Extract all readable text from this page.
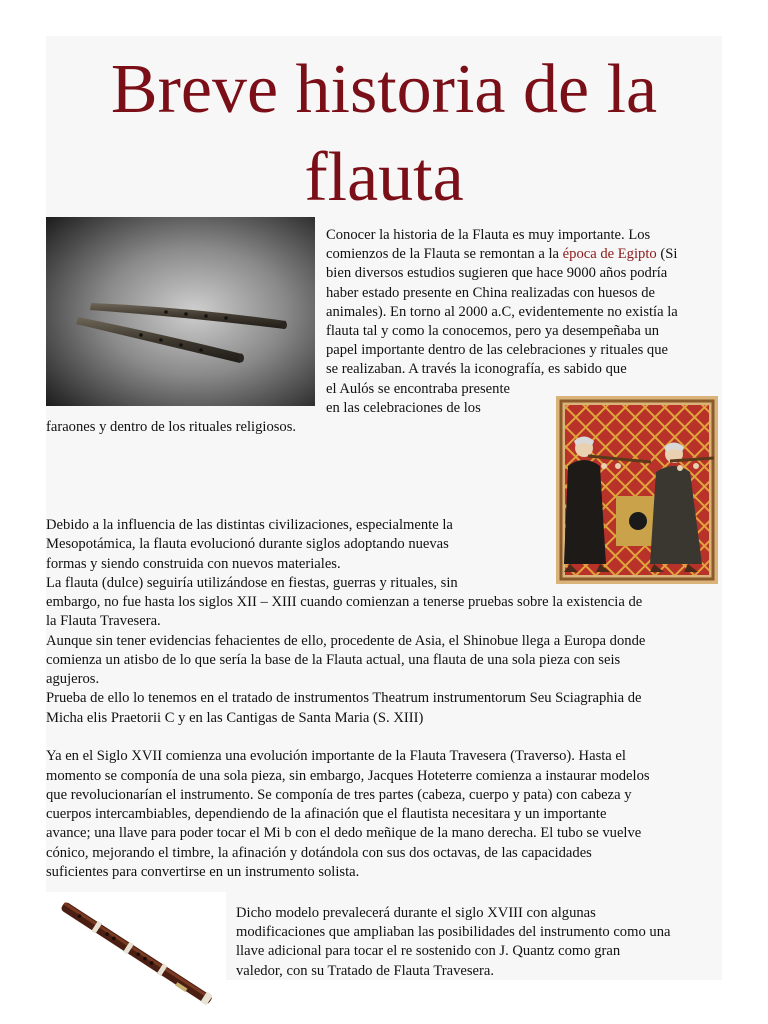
Breve historia de la
flauta
Conocer la historia de la Flauta es muy importante. Los
comienzos de la Flauta se remontan a la época de Egipto (Si
bien diversos estudios sugieren que hace 9000 años podría
haber estado presente en China realizadas con huesos de
animales). En torno al 2000 a.C, evidentemente no existía la
flauta tal y como la conocemos, pero ya desempeñaba un
papel importante dentro de las celebraciones y rituales que
se realizaban. A través la iconografía, es sabido que
el Aulós se encontraba presente
en las celebraciones de los
faraones y dentro de los rituales religiosos.
Debido a la influencia de las distintas civilizaciones, especialmente la
Mesopotámica, la flauta evolucionó durante siglos adoptando nuevas
formas y siendo construida con nuevos materiales.
La flauta (dulce) seguiría utilizándose en fiestas, guerras y rituales, sin
embargo, no fue hasta los siglos XII – XIII cuando comienzan a tenerse pruebas sobre la existencia de
la Flauta Travesera.
Aunque sin tener evidencias fehacientes de ello, procedente de Asia, el Shinobue llega a Europa donde
comienza un atisbo de lo que sería la base de la Flauta actual, una flauta de una sola pieza con seis
agujeros.
Prueba de ello lo tenemos en el tratado de instrumentos Theatrum instrumentorum Seu Sciagraphia de
Micha elis Praetorii C y en las Cantigas de Santa Maria (S. XIII)
Ya en el Siglo XVII comienza una evolución importante de la Flauta Travesera (Traverso). Hasta el
momento se componía de una sola pieza, sin embargo, Jacques Hoteterre comienza a instaurar modelos
que revolucionarían el instrumento. Se componía de tres partes (cabeza, cuerpo y pata) con cabeza y
cuerpos intercambiables, dependiendo de la afinación que el flautista necesitara y un importante
avance; una llave para poder tocar el Mi b con el dedo meñique de la mano derecha. El tubo se vuelve
cónico, mejorando el timbre, la afinación y dotándola con sus dos octavas, de las capacidades
suficientes para convertirse en un instrumento solista.
Dicho modelo prevalecerá durante el siglo XVIII con algunas
modificaciones que ampliaban las posibilidades del instrumento como una
llave adicional para tocar el re sostenido con J. Quantz como gran
valedor, con su Tratado de Flauta Travesera.
